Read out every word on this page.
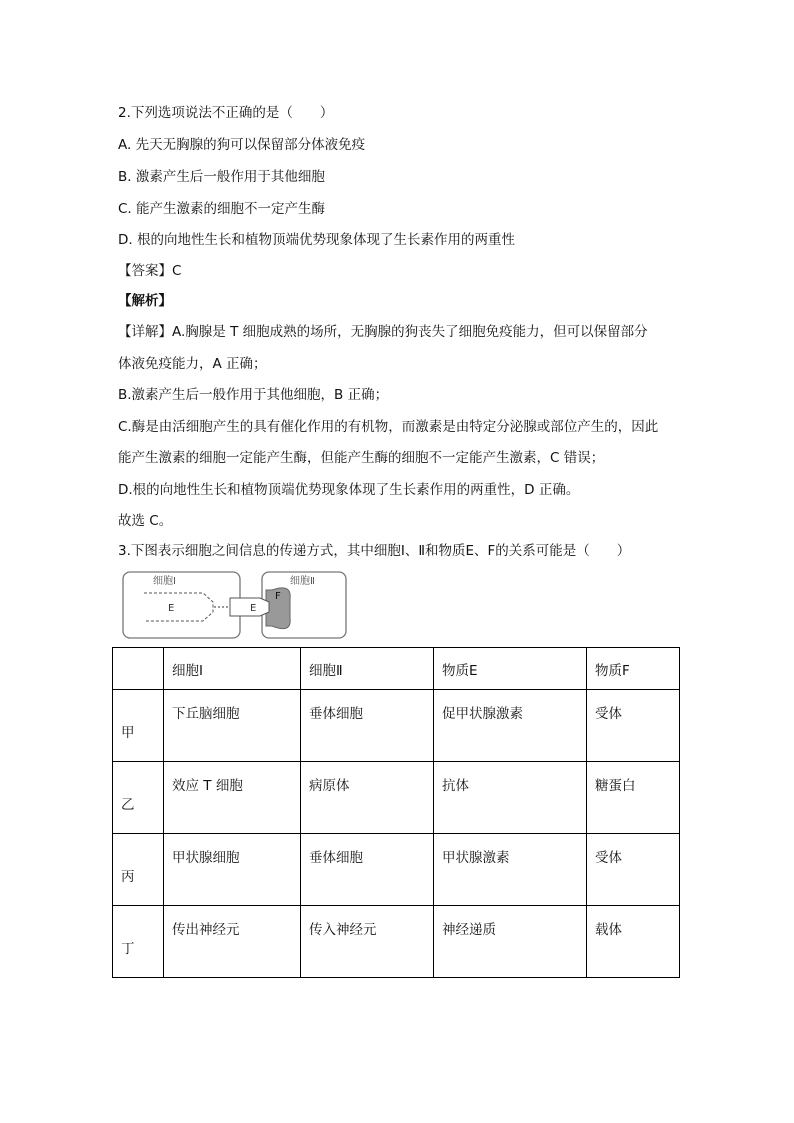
2.下列选项说法不正确的是（　　）
A. 先天无胸腺的狗可以保留部分体液免疫
B. 激素产生后一般作用于其他细胞
C. 能产生激素的细胞不一定产生酶
D. 根的向地性生长和植物顶端优势现象体现了生长素作用的两重性
【答案】C
【解析】
【详解】A.胸腺是 T 细胞成熟的场所，无胸腺的狗丧失了细胞免疫能力，但可以保留部分
体液免疫能力，A 正确；
B.激素产生后一般作用于其他细胞，B 正确；
C.酶是由活细胞产生的具有催化作用的有机物，而激素是由特定分泌腺或部位产生的，因此
能产生激素的细胞一定能产生酶，但能产生酶的细胞不一定能产生激素，C 错误；
D.根的向地性生长和植物顶端优势现象体现了生长素作用的两重性，D 正确。
故选 C。
3.下图表示细胞之间信息的传递方式，其中细胞Ⅰ、Ⅱ和物质E、F的关系可能是（　　）
细胞Ⅰ	细胞Ⅱ
E	E
F

	细胞Ⅰ	细胞Ⅱ	物质E	物质F

甲	下丘脑细胞	垂体细胞	促甲状腺激素	受体

乙	效应 T 细胞	病原体	抗体	糖蛋白

丙	甲状腺细胞	垂体细胞	甲状腺激素	受体

丁	传出神经元	传入神经元	神经递质	载体
